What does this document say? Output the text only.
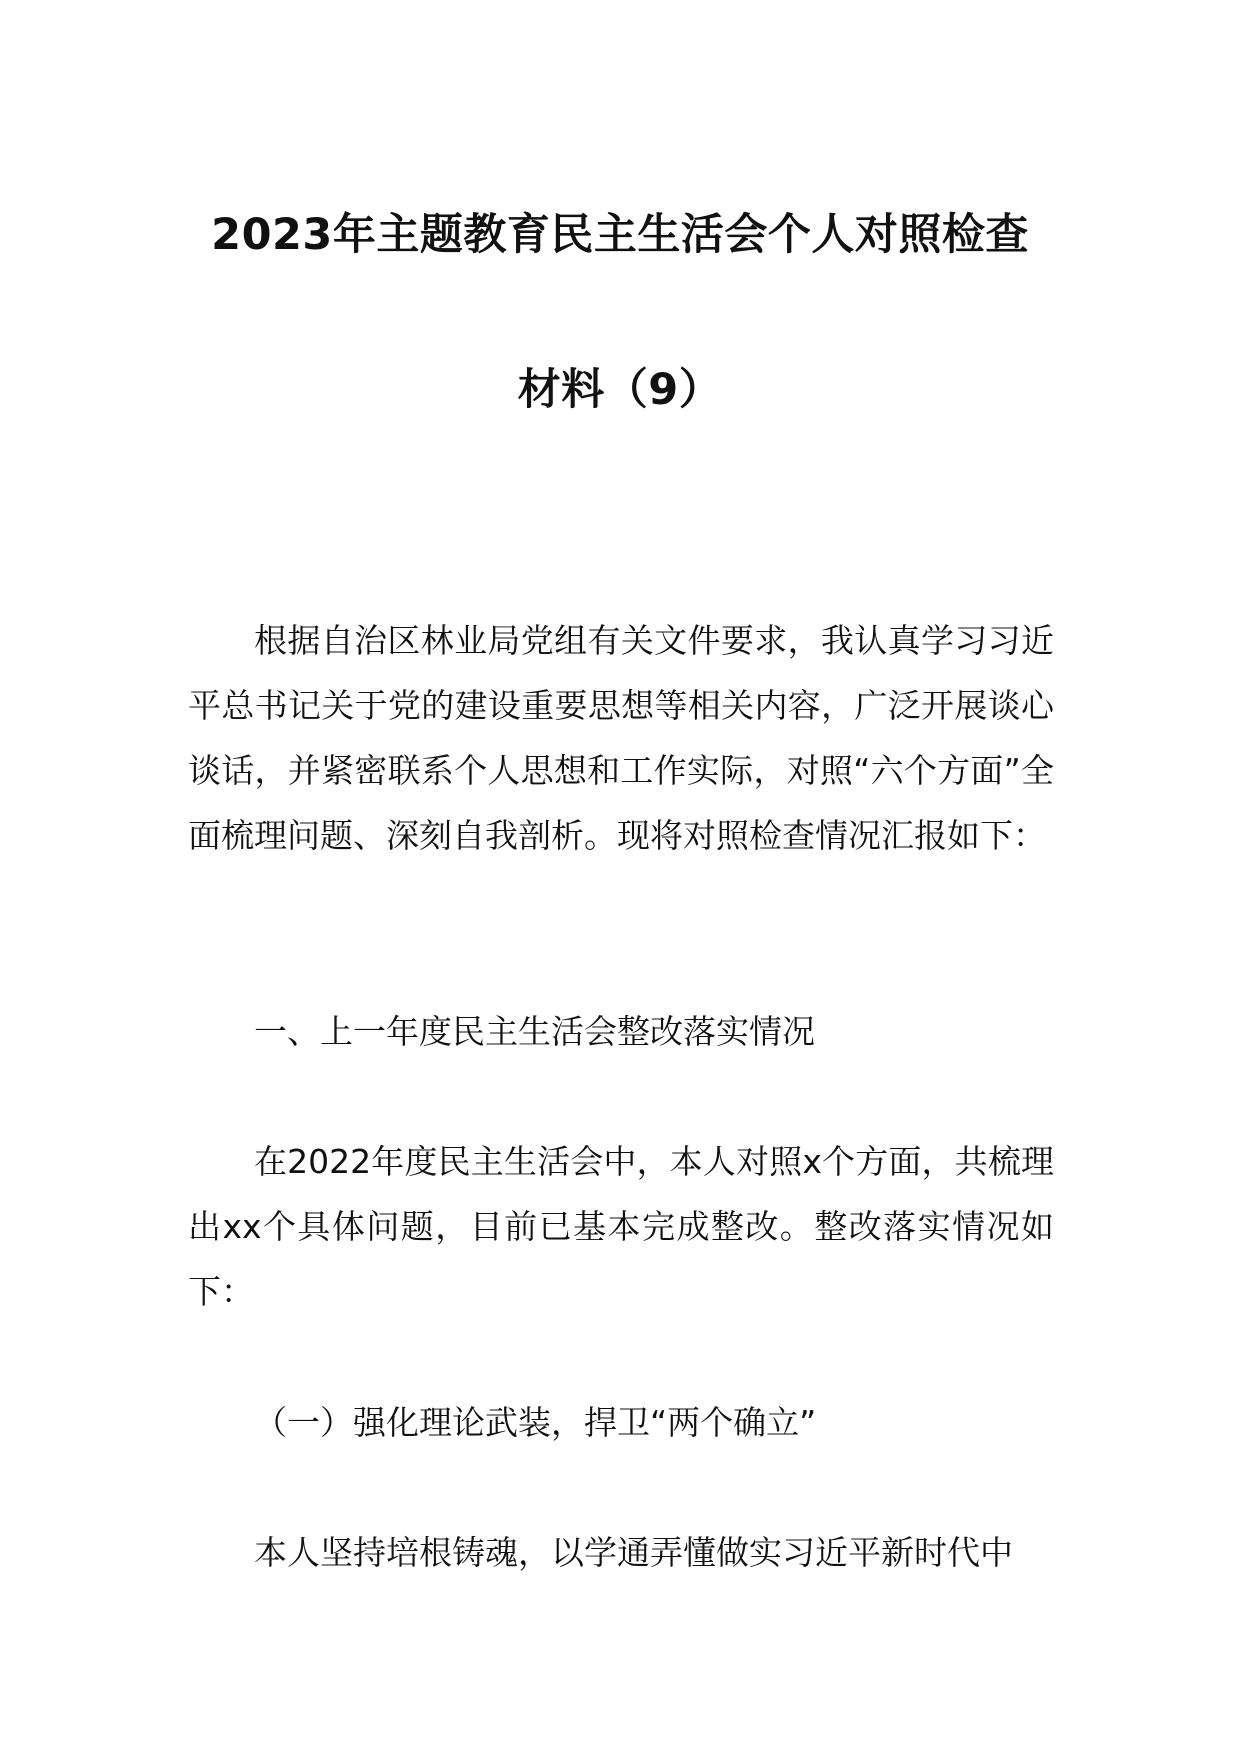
2023年主题教育民主生活会个人对照检查
材料（9）

根据自治区林业局党组有关文件要求，我认真学习习近平总书记关于党的建设重要思想等相关内容，广泛开展谈心谈话，并紧密联系个人思想和工作实际，对照“六个方面”全面梳理问题、深刻自我剖析。现将对照检查情况汇报如下：

一、上一年度民主生活会整改落实情况

在2022年度民主生活会中，本人对照x个方面，共梳理出xx个具体问题，目前已基本完成整改。整改落实情况如下：

（一）强化理论武装，捍卫“两个确立”

本人坚持培根铸魂，以学通弄懂做实习近平新时代中
